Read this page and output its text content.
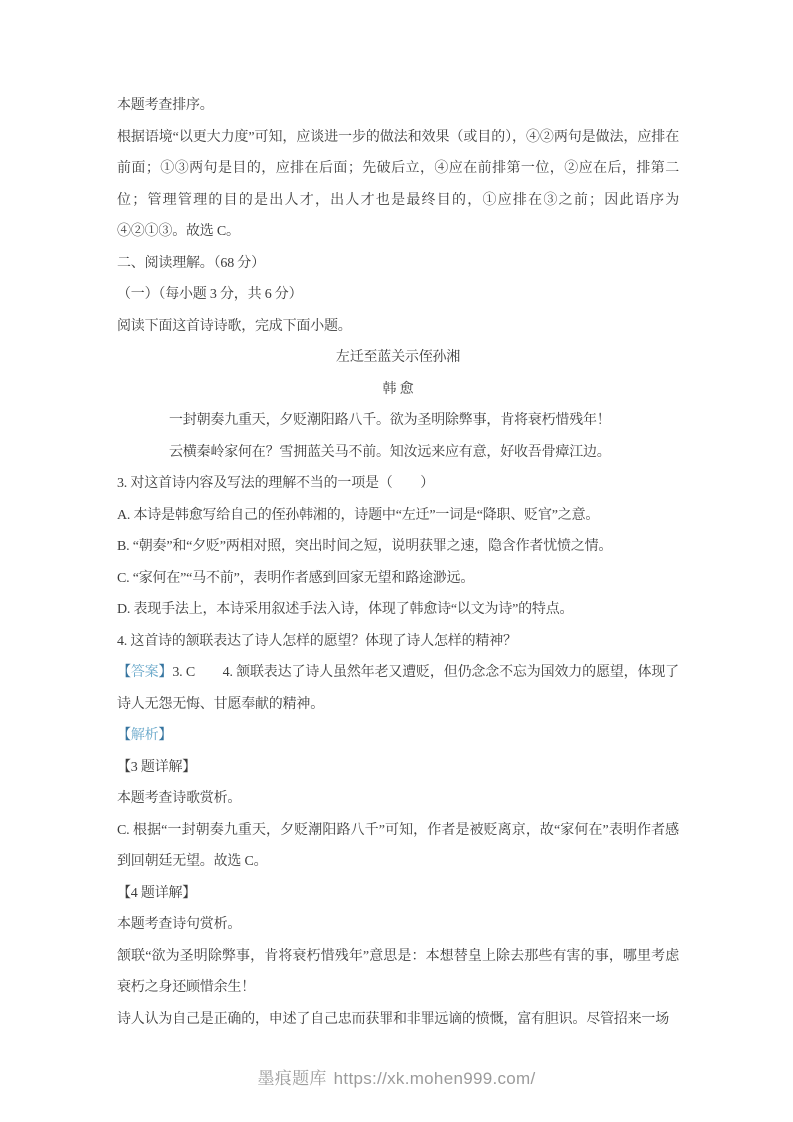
本题考查排序。

根据语境“以更大力度”可知，应谈进一步的做法和效果（或目的），④②两句是做法，应排在前面；①③两句是目的，应排在后面；先破后立，④应在前排第一位，②应在后，排第二位；管理管理的目的是出人才，出人才也是最终目的，①应排在③之前；因此语序为④②①③。故选 C。

二、阅读理解。（68 分）

（一）（每小题 3 分，共 6 分）

阅读下面这首诗诗歌，完成下面小题。

左迁至蓝关示侄孙湘

韩 愈

一封朝奏九重天，夕贬潮阳路八千。欲为圣明除弊事，肯将衰朽惜残年！

云横秦岭家何在？雪拥蓝关马不前。知汝远来应有意，好收吾骨瘴江边。

3. 对这首诗内容及写法的理解不当的一项是（　　）

A. 本诗是韩愈写给自己的侄孙韩湘的，诗题中“左迁”一词是“降职、贬官”之意。

B. “朝奏”和“夕贬”两相对照，突出时间之短，说明获罪之速，隐含作者忧愤之情。

C. “家何在”“马不前”，表明作者感到回家无望和路途渺远。

D. 表现手法上，本诗采用叙述手法入诗，体现了韩愈诗“以文为诗”的特点。

4. 这首诗的颔联表达了诗人怎样的愿望？体现了诗人怎样的精神？

【答案】3. C　　4. 颔联表达了诗人虽然年老又遭贬，但仍念念不忘为国效力的愿望，体现了诗人无怨无悔、甘愿奉献的精神。

【解析】

【3 题详解】

本题考查诗歌赏析。

C. 根据“一封朝奏九重天，夕贬潮阳路八千”可知，作者是被贬离京，故“家何在”表明作者感到回朝廷无望。故选 C。

【4 题详解】

本题考查诗句赏析。

颔联“欲为圣明除弊事，肯将衰朽惜残年”意思是：本想替皇上除去那些有害的事，哪里考虑衰朽之身还顾惜余生！

诗人认为自己是正确的，申述了自己忠而获罪和非罪远谪的愤慨，富有胆识。尽管招来一场

墨痕题库 https://xk.mohen999.com/
